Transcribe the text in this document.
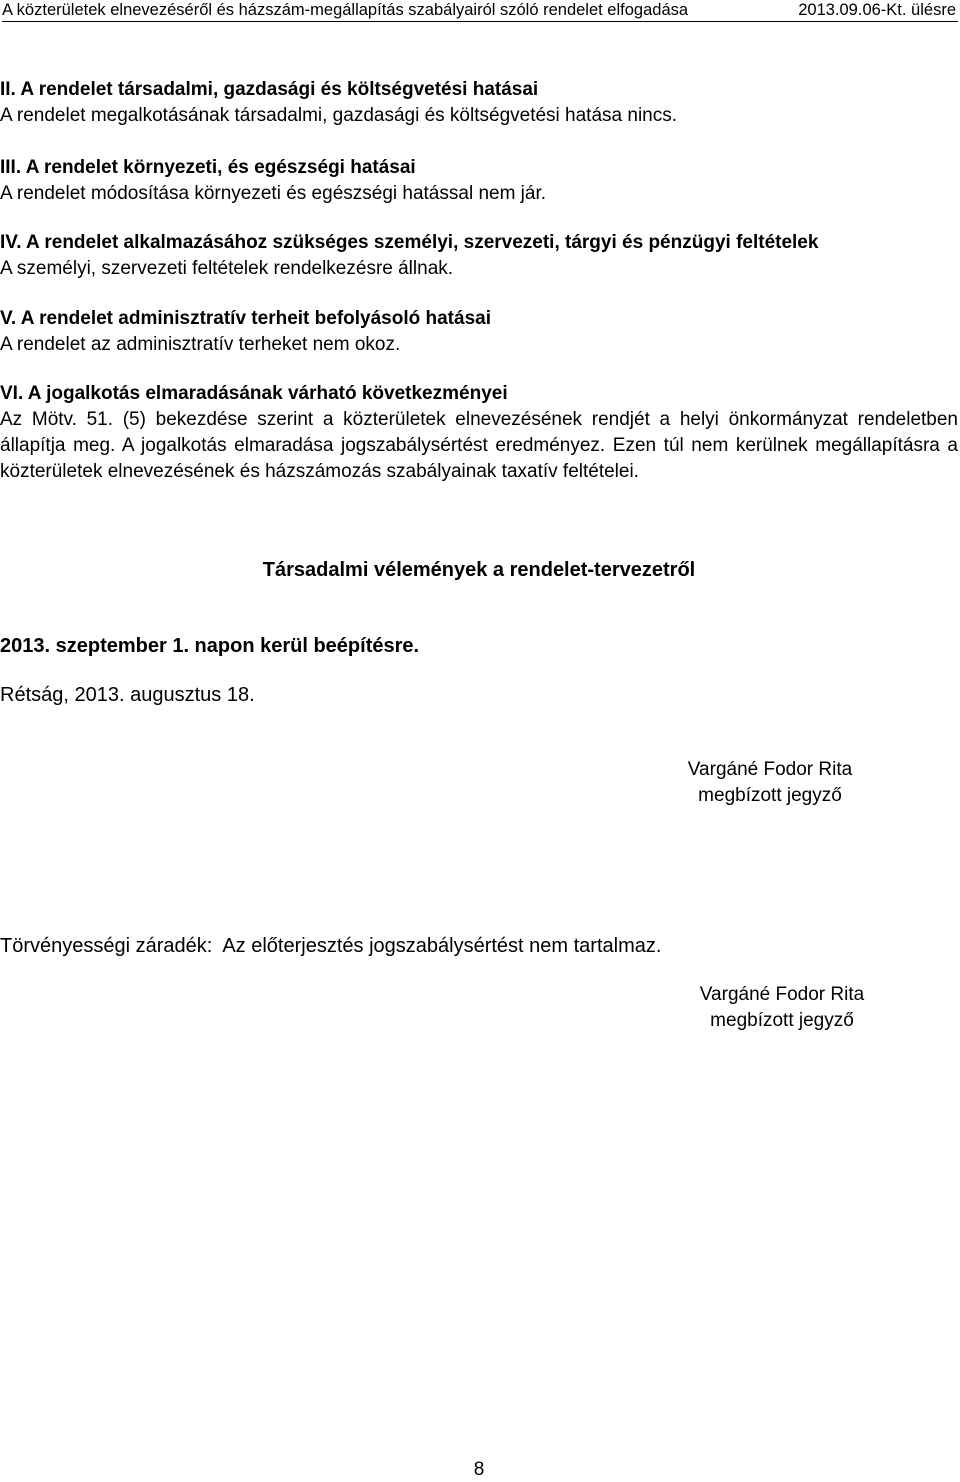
A közterületek elnevezéséről és házszám-megállapítás szabályairól szóló rendelet elfogadása	2013.09.06-Kt. ülésre
II. A rendelet társadalmi, gazdasági és költségvetési hatásai
A rendelet megalkotásának társadalmi, gazdasági és költségvetési hatása nincs.
III. A rendelet környezeti, és egészségi hatásai
A rendelet módosítása környezeti és egészségi hatással nem jár.
IV. A rendelet alkalmazásához szükséges személyi, szervezeti, tárgyi és pénzügyi feltételek
A személyi, szervezeti feltételek rendelkezésre állnak.
V. A rendelet adminisztratív terheit befolyásoló hatásai
A rendelet az adminisztratív terheket nem okoz.
VI. A jogalkotás elmaradásának várható következményei
Az Mötv. 51. (5) bekezdése szerint a közterületek elnevezésének rendjét a helyi önkormányzat rendeletben állapítja meg. A jogalkotás elmaradása jogszabálysértést eredményez. Ezen túl nem kerülnek megállapításra a közterületek elnevezésének és házszámozás szabályainak taxatív feltételei.
Társadalmi vélemények a rendelet-tervezetről
2013. szeptember 1. napon kerül beépítésre.
Rétság, 2013. augusztus 18.
Vargáné Fodor Rita
megbízott jegyző
Törvényességi záradék:  Az előterjesztés jogszabálysértést nem tartalmaz.
Vargáné Fodor Rita
megbízott jegyző
8
